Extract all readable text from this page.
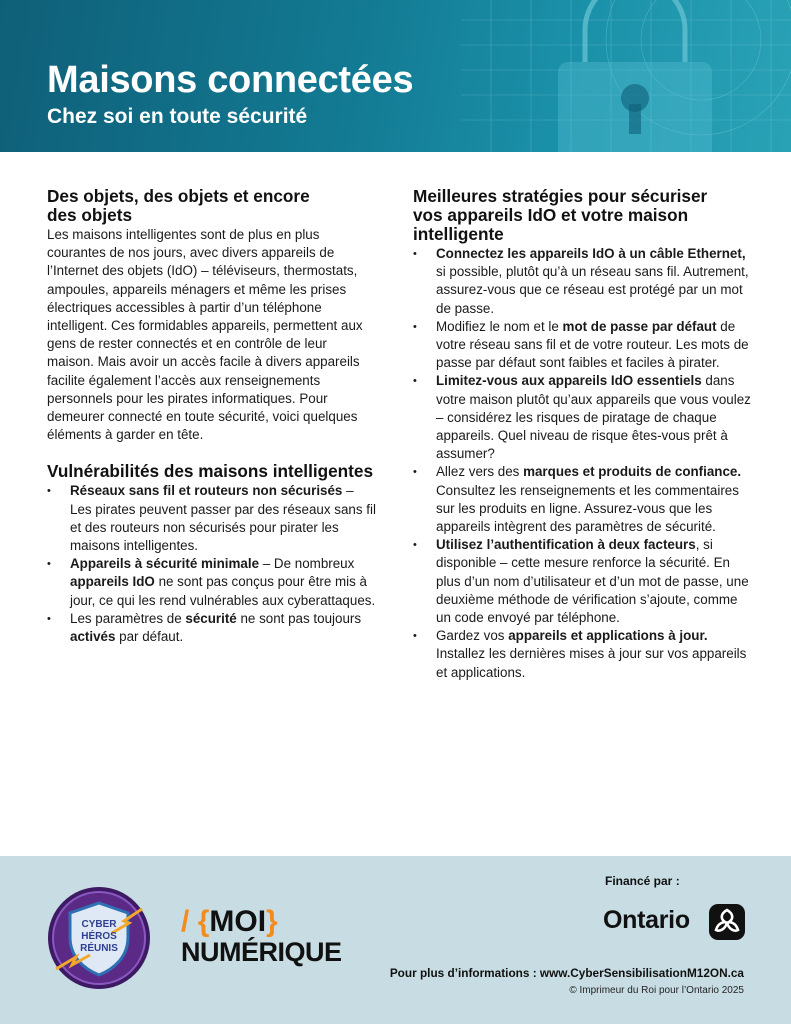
Maisons connectées
Chez soi en toute sécurité
Des objets, des objets et encore
des objets

Les maisons intelligentes sont de plus en plus courantes de nos jours, avec divers appareils de l’Internet des objets (IdO) – téléviseurs, thermostats, ampoules, appareils ménagers et même les prises électriques accessibles à partir d’un téléphone intelligent. Ces formidables appareils, permettent aux gens de rester connectés et en contrôle de leur maison. Mais avoir un accès facile à divers appareils facilite également l’accès aux renseignements personnels pour les pirates informatiques. Pour demeurer connecté en toute sécurité, voici quelques éléments à garder en tête.

Vulnérabilités des maisons intelligentes
• Réseaux sans fil et routeurs non sécurisés – Les pirates peuvent passer par des réseaux sans fil et des routeurs non sécurisés pour pirater les maisons intelligentes.
• Appareils à sécurité minimale – De nombreux appareils IdO ne sont pas conçus pour être mis à jour, ce qui les rend vulnérables aux cyberattaques.
• Les paramètres de sécurité ne sont pas toujours activés par défaut.
Meilleures stratégies pour sécuriser
vos appareils IdO et votre maison
intelligente
• Connectez les appareils IdO à un câble Ethernet, si possible, plutôt qu’à un réseau sans fil. Autrement, assurez-vous que ce réseau est protégé par un mot de passe.
• Modifiez le nom et le mot de passe par défaut de votre réseau sans fil et de votre routeur. Les mots de passe par défaut sont faibles et faciles à pirater.
• Limitez-vous aux appareils IdO essentiels dans votre maison plutôt qu’aux appareils que vous voulez – considérez les risques de piratage de chaque appareils. Quel niveau de risque êtes-vous prêt à assumer?
• Allez vers des marques et produits de confiance. Consultez les renseignements et les commentaires sur les produits en ligne. Assurez-vous que les appareils intègrent des paramètres de sécurité.
• Utilisez l’authentification à deux facteurs, si disponible – cette mesure renforce la sécurité. En plus d’un nom d’utilisateur et d’un mot de passe, une deuxième méthode de vérification s’ajoute, comme un code envoyé par téléphone.
• Gardez vos appareils et applications à jour. Installez les dernières mises à jour sur vos appareils et applications.
CYBER
HÉROS
RÉUNIS
/ {MOI}
NUMÉRIQUE
Financé par :
Ontario
Pour plus d’informations : www.CyberSensibilisationM12ON.ca
© Imprimeur du Roi pour l’Ontario 2025
